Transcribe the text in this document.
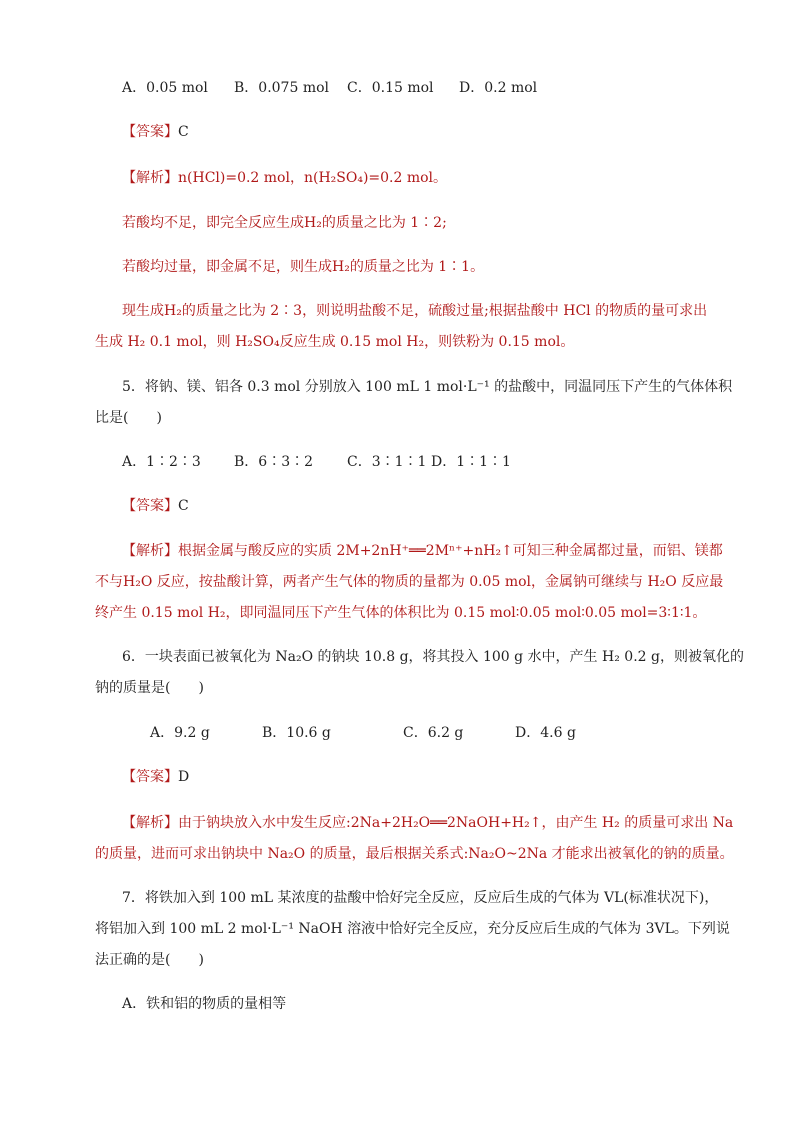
A．0.05 mol B．0.075 mol C．0.15 mol D．0.2 mol
【答案】C
【解析】n(HCl)=0.2 mol，n(H₂SO₄)=0.2 mol。
若酸均不足，即完全反应生成H₂的质量之比为 1∶2;
若酸均过量，即金属不足，则生成H₂的质量之比为 1∶1。
现生成H₂的质量之比为 2∶3，则说明盐酸不足，硫酸过量;根据盐酸中 HCl 的物质的量可求出
生成 H₂ 0.1 mol，则 H₂SO₄反应生成 0.15 mol H₂，则铁粉为 0.15 mol。
5．将钠、镁、铝各 0.3 mol 分别放入 100 mL 1 mol·L⁻¹ 的盐酸中，同温同压下产生的气体体积
比是(　　)
A．1∶2∶3 B．6∶3∶2 C．3∶1∶1 D．1∶1∶1
【答案】C
【解析】根据金属与酸反应的实质 2M+2nH⁺══2Mⁿ⁺+nH₂↑可知三种金属都过量，而铝、镁都
不与H₂O 反应，按盐酸计算，两者产生气体的物质的量都为 0.05 mol，金属钠可继续与 H₂O 反应最
终产生 0.15 mol H₂，即同温同压下产生气体的体积比为 0.15 mol∶0.05 mol∶0.05 mol=3∶1∶1。
6．一块表面已被氧化为 Na₂O 的钠块 10.8 g，将其投入 100 g 水中，产生 H₂ 0.2 g，则被氧化的
钠的质量是(　　)
A．9.2 g	B．10.6 g	C．6.2 g	D．4.6 g
【答案】D
【解析】由于钠块放入水中发生反应:2Na+2H₂O══2NaOH+H₂↑，由产生 H₂ 的质量可求出 Na
的质量，进而可求出钠块中 Na₂O 的质量，最后根据关系式:Na₂O~2Na 才能求出被氧化的钠的质量。
7．将铁加入到 100 mL 某浓度的盐酸中恰好完全反应，反应后生成的气体为 VL(标准状况下)，
将铝加入到 100 mL 2 mol·L⁻¹ NaOH 溶液中恰好完全反应，充分反应后生成的气体为 3VL。下列说
法正确的是(　　)
A．铁和铝的物质的量相等
